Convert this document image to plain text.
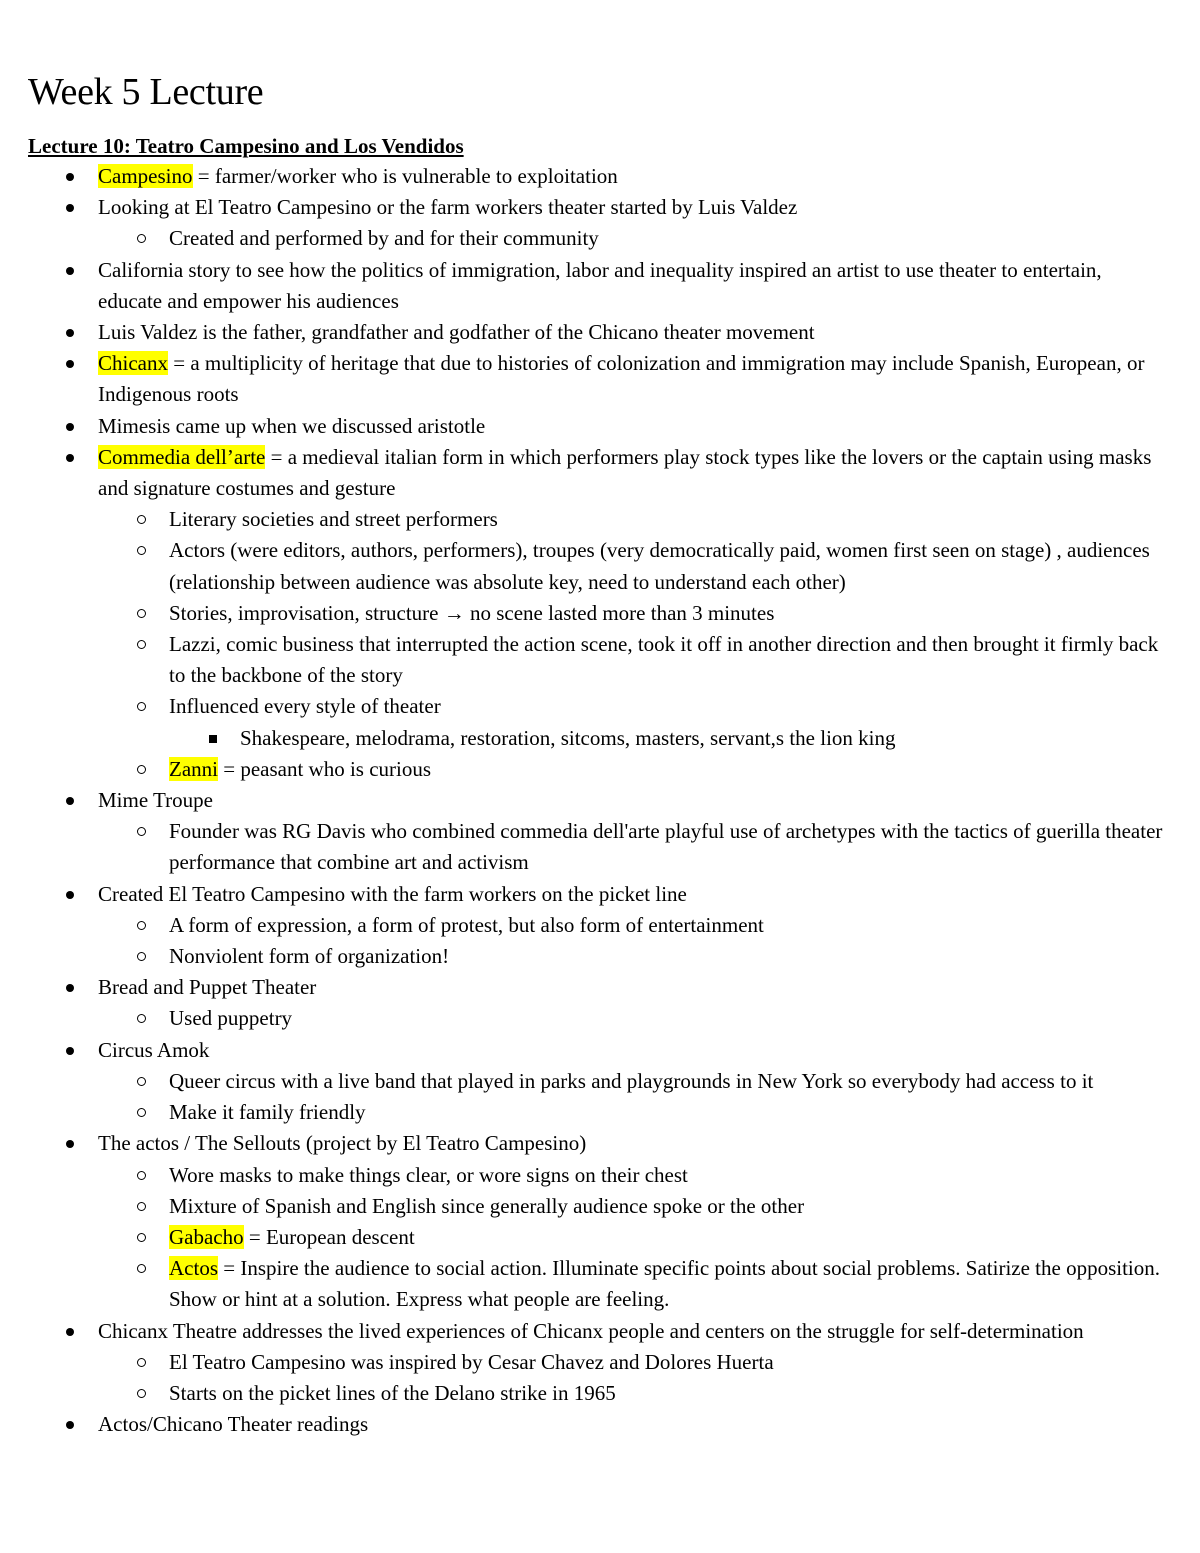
Week 5 Lecture
Lecture 10: Teatro Campesino and Los Vendidos
Campesino = farmer/worker who is vulnerable to exploitation
Looking at El Teatro Campesino or the farm workers theater started by Luis Valdez
Created and performed by and for their community
California story to see how the politics of immigration, labor and inequality inspired an artist to use theater to entertain, educate and empower his audiences
Luis Valdez is the father, grandfather and godfather of the Chicano theater movement
Chicanx = a multiplicity of heritage that due to histories of colonization and immigration may include Spanish, European, or Indigenous roots
Mimesis came up when we discussed aristotle
Commedia dell’arte = a medieval italian form in which performers play stock types like the lovers or the captain using masks and signature costumes and gesture
Literary societies and street performers
Actors (were editors, authors, performers), troupes (very democratically paid, women first seen on stage) , audiences (relationship between audience was absolute key, need to understand each other)
Stories, improvisation, structure → no scene lasted more than 3 minutes
Lazzi, comic business that interrupted the action scene, took it off in another direction and then brought it firmly back to the backbone of the story
Influenced every style of theater
Shakespeare, melodrama, restoration, sitcoms, masters, servant,s the lion king
Zanni = peasant who is curious
Mime Troupe
Founder was RG Davis who combined commedia dell'arte playful use of archetypes with the tactics of guerilla theater performance that combine art and activism
Created El Teatro Campesino with the farm workers on the picket line
A form of expression, a form of protest, but also form of entertainment
Nonviolent form of organization!
Bread and Puppet Theater
Used puppetry
Circus Amok
Queer circus with a live band that played in parks and playgrounds in New York so everybody had access to it
Make it family friendly
The actos / The Sellouts (project by El Teatro Campesino)
Wore masks to make things clear, or wore signs on their chest
Mixture of Spanish and English since generally audience spoke or the other
Gabacho = European descent
Actos = Inspire the audience to social action. Illuminate specific points about social problems. Satirize the opposition. Show or hint at a solution. Express what people are feeling.
Chicanx Theatre addresses the lived experiences of Chicanx people and centers on the struggle for self-determination
El Teatro Campesino was inspired by Cesar Chavez and Dolores Huerta
Starts on the picket lines of the Delano strike in 1965
Actos/Chicano Theater readings
